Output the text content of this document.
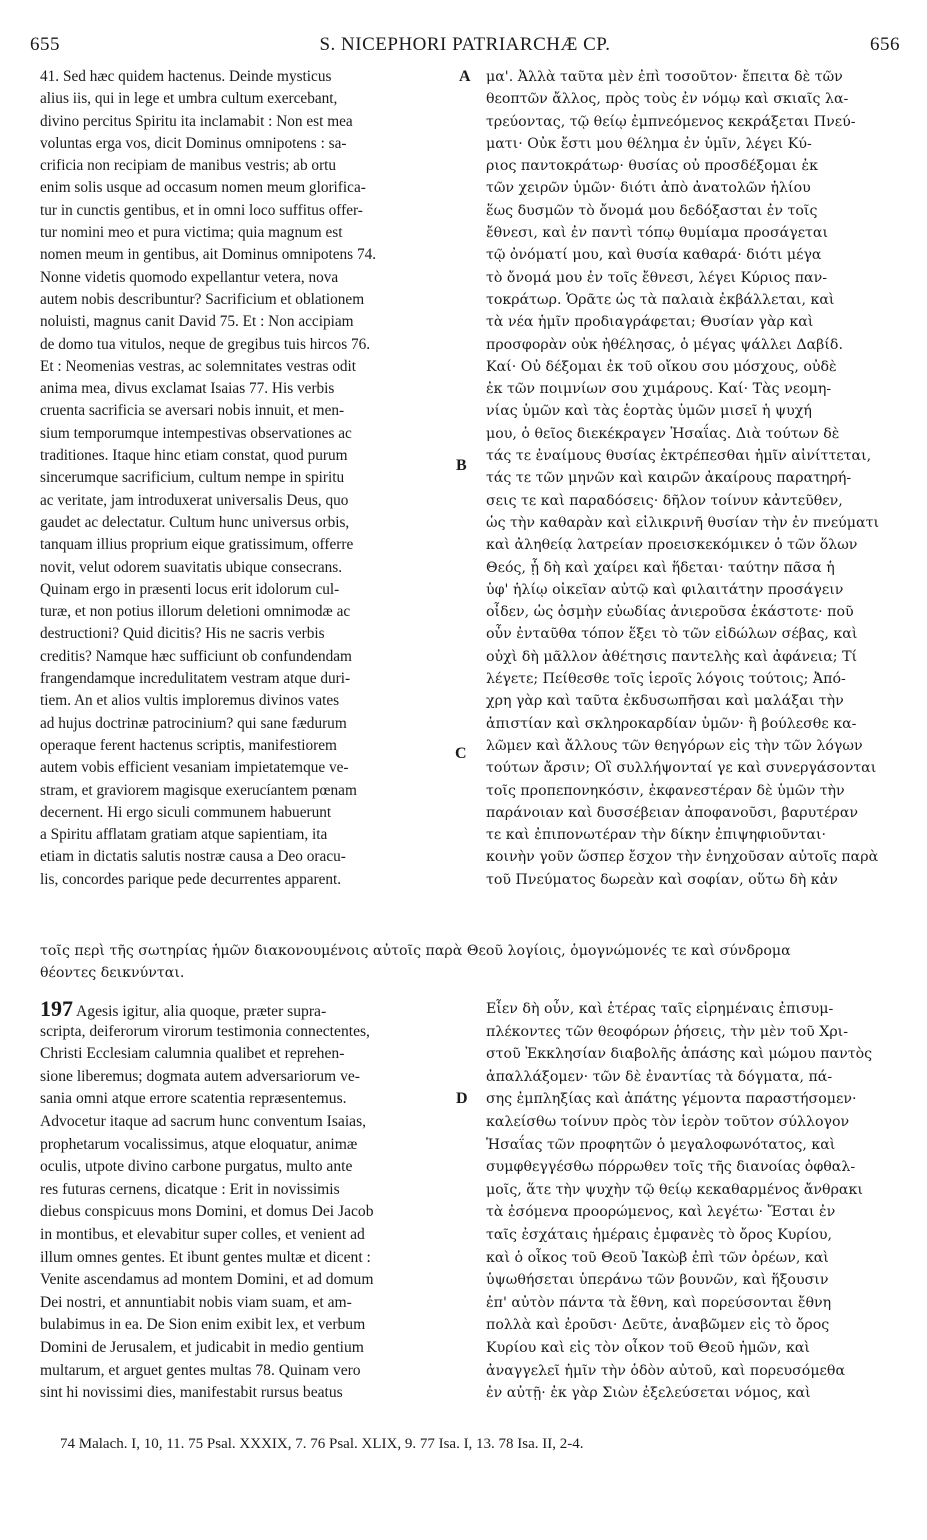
655	S. NICEPHORI PATRIARCHÆ CP.	656
41. Sed hæc quidem hactenus. Deinde mysticus
alius iis, qui in lege et umbra cultum exercebant,
divino percitus Spiritu ita inclamabit : Non est mea
voluntas erga vos, dicit Dominus omnipotens : sa-
crificia non recipiam de manibus vestris; ab ortu
enim solis usque ad occasum nomen meum glorifica-
tur in cunctis gentibus, et in omni loco suffitus offer-
tur nomini meo et pura victima; quia magnum est
nomen meum in gentibus, ait Dominus omnipotens 74.
Nonne videtis quomodo expellantur vetera, nova
autem nobis describuntur? Sacrificium et oblationem
noluisti, magnus canit David 75. Et : Non accipiam
de domo tua vitulos, neque de gregibus tuis hircos 76.
Et : Neomenias vestras, ac solemnitates vestras odit
anima mea, divus exclamat Isaias 77. His verbis
cruenta sacrificia se aversari nobis innuit, et men-
sium temporumque intempestivas observationes ac
traditiones. Itaque hinc etiam constat, quod purum
sincerumque sacrificium, cultum nempe in spiritu
ac veritate, jam introduxerat universalis Deus, quo
gaudet ac delectatur. Cultum hunc universus orbis,
tanquam illius proprium eique gratissimum, offerre
novit, velut odorem suavitatis ubique consecrans.
Quinam ergo in præsenti locus erit idolorum cul-
turæ, et non potius illorum deletioni omnimodæ ac
destructioni? Quid dicitis? His ne sacris verbis
creditis? Namque hæc sufficiunt ob confundendam
frangendamque incredulitatem vestram atque duri-
tiem. An et alios vultis imploremus divinos vates
ad hujus doctrinæ patrocinium? qui sane fædurum
operaque ferent hactenus scriptis, manifestiorem
autem vobis efficient vesaniam impietatemque ve-
stram, et graviorem magisque exerucíantem pœnam
decernent. Hi ergo siculi communem habuerunt
a Spiritu afflatam gratiam atque sapientiam, ita
etiam in dictatis salutis nostræ causa a Deo oracu-
lis, concordes parique pede decurrentes apparent.
μα'. Ἀλλὰ ταῦτα μὲν ἐπὶ τοσοῦτον· ἔπειτα δὲ τῶν
θεοπτῶν ἄλλος, πρὸς τοὺς ἐν νόμῳ καὶ σκιαῖς λα-
τρεύοντας, τῷ θείῳ ἐμπνεόμενος κεκράξεται Πνεύ-
ματι· Οὐκ ἔστι μου θέλημα ἐν ὑμῖν, λέγει Κύ-
ριος παντοκράτωρ· θυσίας οὐ προσδέξομαι ἐκ
τῶν χειρῶν ὑμῶν· διότι ἀπὸ ἀνατολῶν ἡλίου
ἕως δυσμῶν τὸ ὄνομά μου δεδόξασται ἐν τοῖς
ἔθνεσι, καὶ ἐν παντὶ τόπῳ θυμίαμα προσάγεται
τῷ ὀνόματί μου, καὶ θυσία καθαρά· διότι μέγα
τὸ ὄνομά μου ἐν τοῖς ἔθνεσι, λέγει Κύριος παν-
τοκράτωρ. Ὁρᾶτε ὡς τὰ παλαιὰ ἐκβάλλεται, καὶ
τὰ νέα ἡμῖν προδιαγράφεται; Θυσίαν γὰρ καὶ
προσφορὰν οὐκ ἠθέλησας, ὁ μέγας ψάλλει Δαβίδ.
Καί· Οὐ δέξομαι ἐκ τοῦ οἴκου σου μόσχους, οὐδὲ
ἐκ τῶν ποιμνίων σου χιμάρους. Καί· Τὰς νεομη-
νίας ὑμῶν καὶ τὰς ἑορτὰς ὑμῶν μισεῖ ἡ ψυχή
μου, ὁ θεῖος διεκέκραγεν Ἡσαΐας. Διὰ τούτων δὲ
τάς τε ἐναίμους θυσίας ἐκτρέπεσθαι ἡμῖν αἰνίττεται,
τάς τε τῶν μηνῶν καὶ καιρῶν ἀκαίρους παρατηρή-
σεις τε καὶ παραδόσεις· δῆλον τοίνυν κἀντεῦθεν,
ὡς τὴν καθαρὰν καὶ εἰλικρινῆ θυσίαν τὴν ἐν πνεύματι
καὶ ἀληθείᾳ λατρείαν προεισκεκόμικεν ὁ τῶν ὅλων
Θεός, ᾗ δὴ καὶ χαίρει καὶ ἥδεται· ταύτην πᾶσα ἡ
ὑφ' ἡλίῳ οἰκεῖαν αὐτῷ καὶ φιλαιτάτην προσάγειν
οἶδεν, ὡς ὀσμὴν εὐωδίας ἀνιεροῦσα ἑκάστοτε· ποῦ
οὖν ἐνταῦθα τόπον ἕξει τὸ τῶν εἰδώλων σέβας, καὶ
οὐχὶ δὴ μᾶλλον ἀθέτησις παντελὴς καὶ ἀφάνεια; Τί
λέγετε; Πείθεσθε τοῖς ἱεροῖς λόγοις τούτοις; Ἀπό-
χρη γὰρ καὶ ταῦτα ἐκδυσωπῆσαι καὶ μαλάξαι τὴν
ἀπιστίαν καὶ σκληροκαρδίαν ὑμῶν· ἢ βούλεσθε κα-
λῶμεν καὶ ἄλλους τῶν θεηγόρων εἰς τὴν τῶν λόγων
τούτων ἄρσιν; Οἳ συλλήψονταί γε καὶ συνεργάσονται
τοῖς προπεπονηκόσιν, ἐκφανεστέραν δὲ ὑμῶν τὴν
παράνοιαν καὶ δυσσέβειαν ἀποφανοῦσι, βαρυτέραν
τε καὶ ἐπιπονωτέραν τὴν δίκην ἐπιψηφιοῦνται·
κοινὴν γοῦν ὥσπερ ἔσχον τὴν ἐνηχοῦσαν αὐτοῖς παρὰ
τοῦ Πνεύματος δωρεὰν καὶ σοφίαν, οὕτω δὴ κἀν
A
B
C
D
τοῖς περὶ τῆς σωτηρίας ἡμῶν διακονουμένοις αὐτοῖς παρὰ Θεοῦ λογίοις, ὁμογνώμονές τε καὶ σύνδρομα
θέοντες δεικνύνται.
197 Agesis igitur, alia quoque, præter supra-
scripta, deiferorum virorum testimonia connectentes,
Christi Ecclesiam calumnia qualibet et reprehen-
sione liberemus; dogmata autem adversariorum ve-
sania omni atque errore scatentia repræsentemus.
Advocetur itaque ad sacrum hunc conventum Isaias,
prophetarum vocalissimus, atque eloquatur, animæ
oculis, utpote divino carbone purgatus, multo ante
res futuras cernens, dicatque : Erit in novissimis
diebus conspicuus mons Domini, et domus Dei Jacob
in montibus, et elevabitur super colles, et venient ad
illum omnes gentes. Et ibunt gentes multæ et dicent :
Venite ascendamus ad montem Domini, et ad domum
Dei nostri, et annuntiabit nobis viam suam, et am-
bulabimus in ea. De Sion enim exibit lex, et verbum
Domini de Jerusalem, et judicabit in medio gentium
multarum, et arguet gentes multas 78. Quinam vero
sint hi novissimi dies, manifestabit rursus beatus
Εἶεν δὴ οὖν, καὶ ἑτέρας ταῖς εἰρημέναις ἐπισυμ-
πλέκοντες τῶν θεοφόρων ῥήσεις, τὴν μὲν τοῦ Χρι-
στοῦ Ἐκκλησίαν διαβολῆς ἁπάσης καὶ μώμου παντὸς
ἀπαλλάξομεν· τῶν δὲ ἐναντίας τὰ δόγματα, πά-
σης ἐμπληξίας καὶ ἀπάτης γέμοντα παραστήσομεν·
καλείσθω τοίνυν πρὸς τὸν ἱερὸν τοῦτον σύλλογον
Ἡσαΐας τῶν προφητῶν ὁ μεγαλοφωνότατος, καὶ
συμφθεγγέσθω πόρρωθεν τοῖς τῆς διανοίας ὀφθαλ-
μοῖς, ἅτε τὴν ψυχὴν τῷ θείῳ κεκαθαρμένος ἄνθρακι
τὰ ἐσόμενα προορώμενος, καὶ λεγέτω· Ἔσται ἐν
ταῖς ἐσχάταις ἡμέραις ἐμφανὲς τὸ ὄρος Κυρίου,
καὶ ὁ οἶκος τοῦ Θεοῦ Ἰακὼβ ἐπὶ τῶν ὀρέων, καὶ
ὑψωθήσεται ὑπεράνω τῶν βουνῶν, καὶ ἥξουσιν
ἐπ' αὐτὸν πάντα τὰ ἔθνη, καὶ πορεύσονται ἔθνη
πολλὰ καὶ ἐροῦσι· Δεῦτε, ἀναβῶμεν εἰς τὸ ὄρος
Κυρίου καὶ εἰς τὸν οἶκον τοῦ Θεοῦ ἡμῶν, καὶ
ἀναγγελεῖ ἡμῖν τὴν ὁδὸν αὐτοῦ, καὶ πορευσόμεθα
ἐν αὐτῇ· ἐκ γὰρ Σιὼν ἐξελεύσεται νόμος, καὶ
74 Malach. I, 10, 11. 75 Psal. XXXIX, 7. 76 Psal. XLIX, 9. 77 Isa. I, 13. 78 Isa. II, 2-4.
